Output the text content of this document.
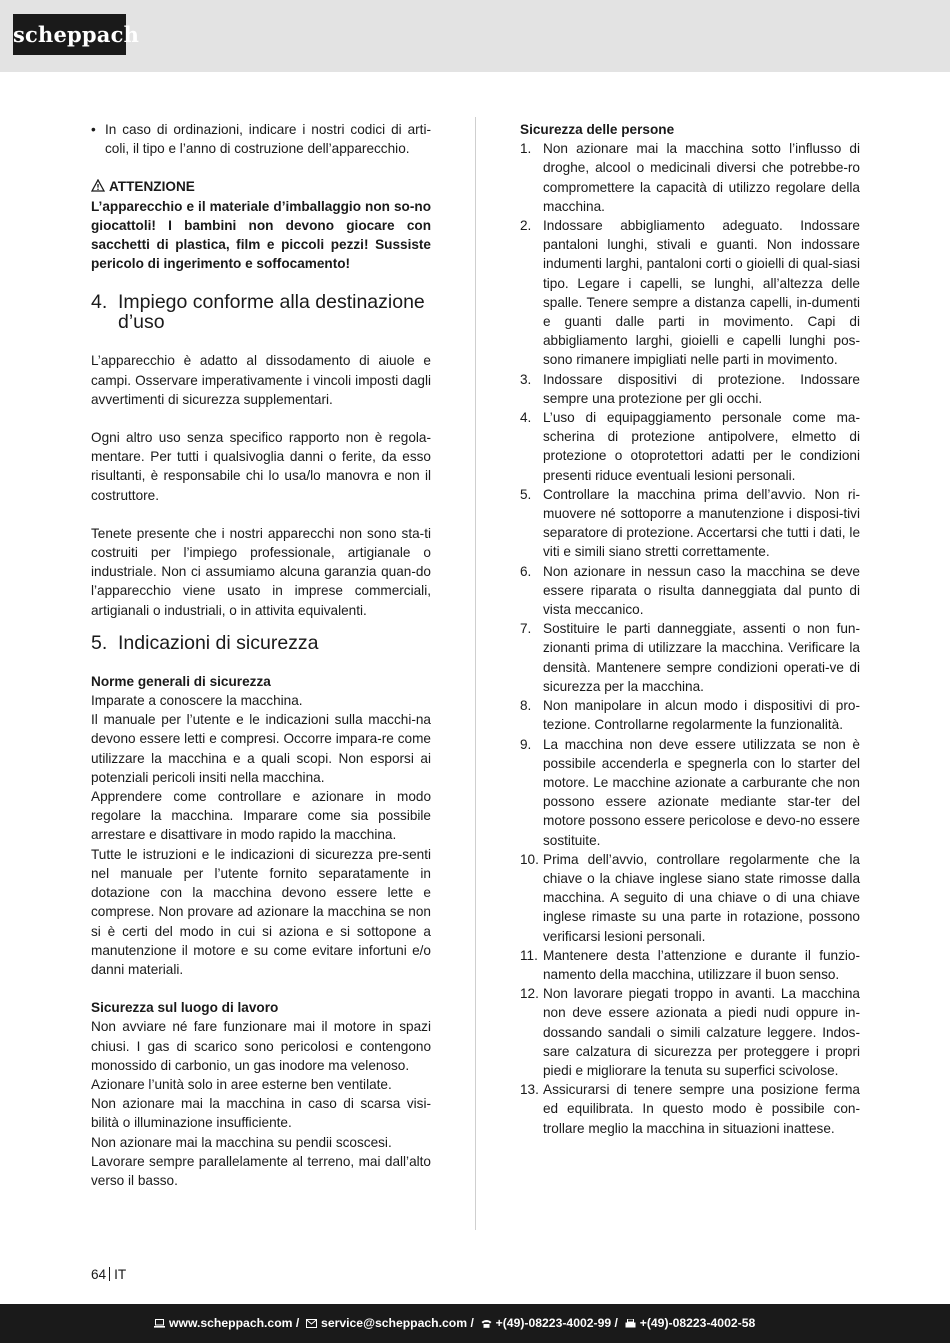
scheppach
• In caso di ordinazioni, indicare i nostri codici di arti-coli, il tipo e l’anno di costruzione dell’apparecchio.
ATTENZIONE

L’apparecchio e il materiale d’imballaggio non so-no giocattoli! I bambini non devono giocare con sacchetti di plastica, film e piccoli pezzi! Sussiste pericolo di ingerimento e soffocamento!

4. Impiego conforme alla destinazione d’uso

L’apparecchio è adatto al dissodamento di aiuole e campi. Osservare imperativamente i vincoli imposti dagli avvertimenti di sicurezza supplementari.

Ogni altro uso senza specifico rapporto non è regola-mentare. Per tutti i qualsivoglia danni o ferite, da esso risultanti, è responsabile chi lo usa/lo manovra e non il costruttore.

Tenete presente che i nostri apparecchi non sono sta-ti costruiti per l’impiego professionale, artigianale o industriale. Non ci assumiamo alcuna garanzia quan-do l’apparecchio viene usato in imprese commerciali, artigianali o industriali, o in attivita equivalenti.

5. Indicazioni di sicurezza
Norme generali di sicurezza

Imparate a conoscere la macchina.

Il manuale per l’utente e le indicazioni sulla macchi-na devono essere letti e compresi. Occorre impara-re come utilizzare la macchina e a quali scopi. Non esporsi ai potenziali pericoli insiti nella macchina.

Apprendere come controllare e azionare in modo regolare la macchina. Imparare come sia possibile arrestare e disattivare in modo rapido la macchina.

Tutte le istruzioni e le indicazioni di sicurezza pre-senti nel manuale per l’utente fornito separatamente in dotazione con la macchina devono essere lette e comprese. Non provare ad azionare la macchina se non si è certi del modo in cui si aziona e si sottopone a manutenzione il motore e su come evitare infortuni e/o danni materiali.

Sicurezza sul luogo di lavoro

Non avviare né fare funzionare mai il motore in spazi chiusi. I gas di scarico sono pericolosi e contengono monossido di carbonio, un gas inodore ma velenoso.

Azionare l’unità solo in aree esterne ben ventilate.

Non azionare mai la macchina in caso di scarsa visi-bilità o illuminazione insufficiente.

Non azionare mai la macchina su pendii scoscesi.

Lavorare sempre parallelamente al terreno, mai dall’alto verso il basso.

Sicurezza delle persone
1. Non azionare mai la macchina sotto l’influsso di droghe, alcool o medicinali diversi che potrebbe-ro compromettere la capacità di utilizzo regolare della macchina.
2. Indossare abbigliamento adeguato. Indossare pantaloni lunghi, stivali e guanti. Non indossare indumenti larghi, pantaloni corti o gioielli di qual-siasi tipo. Legare i capelli, se lunghi, all’altezza delle spalle. Tenere sempre a distanza capelli, in-dumenti e guanti dalle parti in movimento. Capi di abbigliamento larghi, gioielli e capelli lunghi pos-sono rimanere impigliati nelle parti in movimento.
3. Indossare dispositivi di protezione. Indossare sempre una protezione per gli occhi.
4. L’uso di equipaggiamento personale come ma-scherina di protezione antipolvere, elmetto di protezione o otoprotettori adatti per le condizioni presenti riduce eventuali lesioni personali.
5. Controllare la macchina prima dell’avvio. Non ri-muovere né sottoporre a manutenzione i disposi-tivi separatore di protezione. Accertarsi che tutti i dati, le viti e simili siano stretti correttamente.
6. Non azionare in nessun caso la macchina se deve essere riparata o risulta danneggiata dal punto di vista meccanico.
7. Sostituire le parti danneggiate, assenti o non fun-zionanti prima di utilizzare la macchina. Verificare la densità. Mantenere sempre condizioni operati-ve di sicurezza per la macchina.
8. Non manipolare in alcun modo i dispositivi di pro-tezione. Controllarne regolarmente la funzionalità.
9. La macchina non deve essere utilizzata se non è possibile accenderla e spegnerla con lo starter del motore. Le macchine azionate a carburante che non possono essere azionate mediante star-ter del motore possono essere pericolose e devo-no essere sostituite.
10. Prima dell’avvio, controllare regolarmente che la chiave o la chiave inglese siano state rimosse dalla macchina. A seguito di una chiave o di una chiave inglese rimaste su una parte in rotazione, possono verificarsi lesioni personali.
11. Mantenere desta l’attenzione e durante il funzio-namento della macchina, utilizzare il buon senso.
12. Non lavorare piegati troppo in avanti. La macchina non deve essere azionata a piedi nudi oppure in-dossando sandali o simili calzature leggere. Indos-sare calzatura di sicurezza per proteggere i propri piedi e migliorare la tenuta su superfici scivolose.
13. Assicurarsi di tenere sempre una posizione ferma ed equilibrata. In questo modo è possibile con-trollare meglio la macchina in situazioni inattese.
64 IT
www.scheppach.com / service@scheppach.com / +(49)-08223-4002-99 / +(49)-08223-4002-58
